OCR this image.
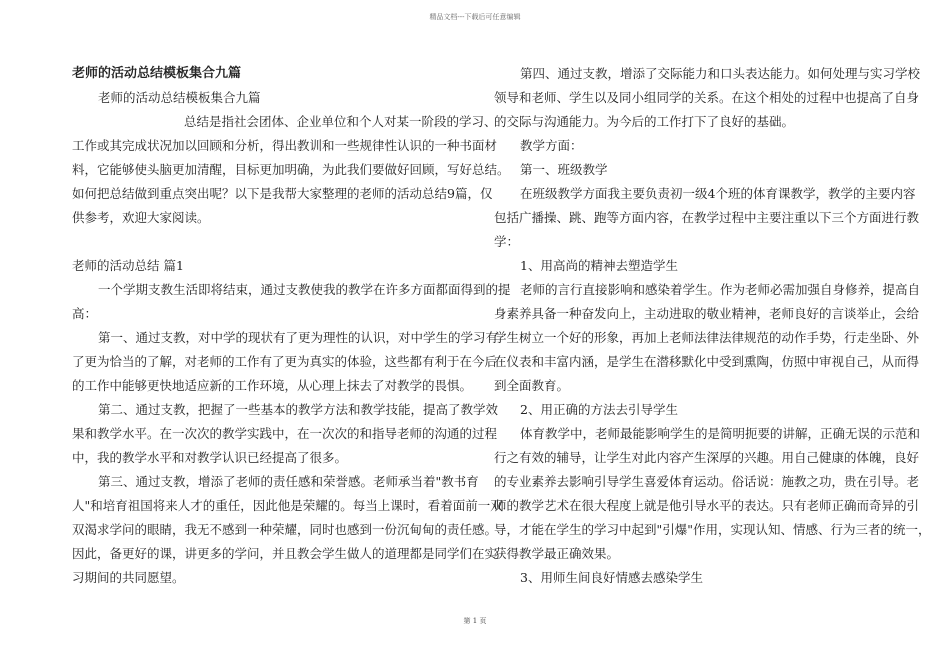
精品文档---下载后可任意编辑
老师的活动总结模板集合九篇
老师的活动总结模板集合九篇
总结是指社会团体、企业单位和个人对某一阶段的学习、
工作或其完成状况加以回顾和分析，得出教训和一些规律性认识的一种书面材
料，它能够使头脑更加清醒，目标更加明确，为此我们要做好回顾，写好总结。
如何把总结做到重点突出呢？以下是我帮大家整理的老师的活动总结9篇，仅
供参考，欢迎大家阅读。
老师的活动总结 篇1
一个学期支教生活即将结束，通过支教使我的教学在许多方面都面得到的提
高：
第一、通过支教，对中学的现状有了更为理性的认识，对中学生的学习有
了更为恰当的了解，对老师的工作有了更为真实的体验，这些都有利于在今后
的工作中能够更快地适应新的工作环境，从心理上抹去了对教学的畏惧。
第二、通过支教，把握了一些基本的教学方法和教学技能，提高了教学效
果和教学水平。在一次次的教学实践中，在一次次的和指导老师的沟通的过程
中，我的教学水平和对教学认识已经提高了很多。
第三、通过支教，增添了老师的责任感和荣誉感。老师承当着"教书育
人"和培育祖国将来人才的重任，因此他是荣耀的。每当上课时，看着面前一双
双渴求学问的眼睛，我无不感到一种荣耀，同时也感到一份沉甸甸的责任感。
因此，备更好的课，讲更多的学问，并且教会学生做人的道理都是同学们在实
习期间的共同愿望。
第四、通过支教，增添了交际能力和口头表达能力。如何处理与实习学校
领导和老师、学生以及同小组同学的关系。在这个相处的过程中也提高了自身
的交际与沟通能力。为今后的工作打下了良好的基础。
教学方面：
第一、班级教学
在班级教学方面我主要负责初一级4个班的体育课教学，教学的主要内容
包括广播操、跳、跑等方面内容，在教学过程中主要注重以下三个方面进行教
学：
1、用高尚的精神去塑造学生
老师的言行直接影响和感染着学生。作为老师必需加强自身修养，提高自
身素养具备一种奋发向上，主动进取的敬业精神，老师良好的言谈举止，会给
学生树立一个好的形象，再加上老师法律法律规范的动作手势，行走坐卧、外
在仪表和丰富内涵，是学生在潜移默化中受到熏陶，仿照中审视自己，从而得
到全面教育。
2、用正确的方法去引导学生
体育教学中，老师最能影响学生的是简明扼要的讲解，正确无误的示范和
行之有效的辅导，让学生对此内容产生深厚的兴趣。用自己健康的体魄，良好
的专业素养去影响引导学生喜爱体育运动。俗话说：施教之功，贵在引导。老
师的教学艺术在很大程度上就是他引导水平的表达。只有老师正确而奇异的引
导，才能在学生的学习中起到"引爆"作用，实现认知、情感、行为三者的统一，
获得教学最正确效果。
3、用师生间良好情感去感染学生
第 1 页
